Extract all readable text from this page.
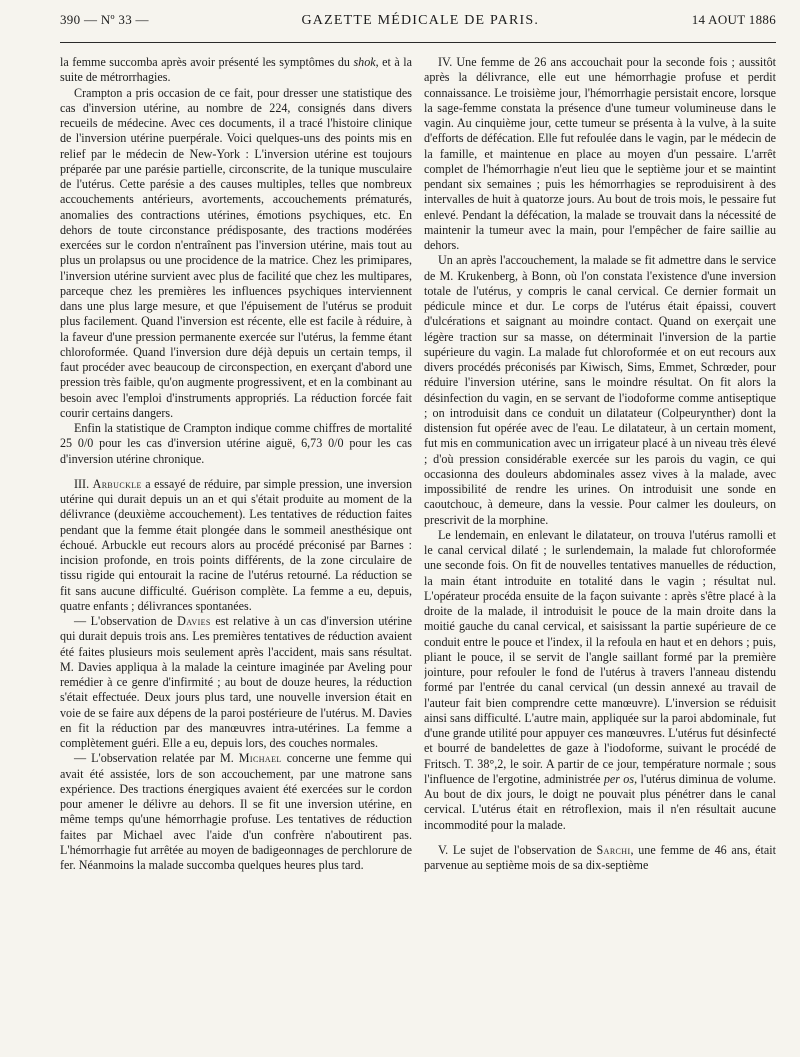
390 — Nº 33 —	GAZETTE MÉDICALE DE PARIS.	14 AOUT 1886

la femme succomba après avoir présenté les symptômes du shok, et à la suite de métrorrhagies.

Crampton a pris occasion de ce fait, pour dresser une statistique des cas d'inversion utérine, au nombre de 224, consignés dans divers recueils de médecine. Avec ces documents, il a tracé l'histoire clinique de l'inversion utérine puerpérale. Voici quelques-uns des points mis en relief par le médecin de New-York : L'inversion utérine est toujours préparée par une parésie partielle, circonscrite, de la tunique musculaire de l'utérus. Cette parésie a des causes multiples, telles que nombreux accouchements antérieurs, avortements, accouchements prématurés, anomalies des contractions utérines, émotions psychiques, etc. En dehors de toute circonstance prédisposante, des tractions modérées exercées sur le cordon n'entraînent pas l'inversion utérine, mais tout au plus un prolapsus ou une procidence de la matrice. Chez les primipares, l'inversion utérine survient avec plus de facilité que chez les multipares, parceque chez les premières les influences psychiques interviennent dans une plus large mesure, et que l'épuisement de l'utérus se produit plus facilement. Quand l'inversion est récente, elle est facile à réduire, à la faveur d'une pression permanente exercée sur l'utérus, la femme étant chloroformée. Quand l'inversion dure déjà depuis un certain temps, il faut procéder avec beaucoup de circonspection, en exerçant d'abord une pression très faible, qu'on augmente progressivent, et en la combinant au besoin avec l'emploi d'instruments appropriés. La réduction forcée fait courir certains dangers.

Enfin la statistique de Crampton indique comme chiffres de mortalité 25 0/0 pour les cas d'inversion utérine aiguë, 6,73 0/0 pour les cas d'inversion utérine chronique.

III. Arbuckle a essayé de réduire, par simple pression, une inversion utérine qui durait depuis un an et qui s'était produite au moment de la délivrance (deuxième accouchement). Les tentatives de réduction faites pendant que la femme était plongée dans le sommeil anesthésique ont échoué. Arbuckle eut recours alors au procédé préconisé par Barnes : incision profonde, en trois points différents, de la zone circulaire de tissu rigide qui entourait la racine de l'utérus retourné. La réduction se fit sans aucune difficulté. Guérison complète. La femme a eu, depuis, quatre enfants ; délivrances spontanées.

— L'observation de Davies est relative à un cas d'inversion utérine qui durait depuis trois ans. Les premières tentatives de réduction avaient été faites plusieurs mois seulement après l'accident, mais sans résultat. M. Davies appliqua à la malade la ceinture imaginée par Aveling pour remédier à ce genre d'infirmité ; au bout de douze heures, la réduction s'était effectuée. Deux jours plus tard, une nouvelle inversion était en voie de se faire aux dépens de la paroi postérieure de l'utérus. M. Davies en fit la réduction par des manœuvres intra-utérines. La femme a complètement guéri. Elle a eu, depuis lors, des couches normales.

— L'observation relatée par M. Michael concerne une femme qui avait été assistée, lors de son accouchement, par une matrone sans expérience. Des tractions énergiques avaient été exercées sur le cordon pour amener le délivre au dehors. Il se fit une inversion utérine, en même temps qu'une hémorrhagie profuse. Les tentatives de réduction faites par Michael avec l'aide d'un confrère n'aboutirent pas. L'hémorrhagie fut arrêtée au moyen de badigeonnages de perchlorure de fer. Néanmoins la malade succomba quelques heures plus tard.

IV. Une femme de 26 ans accouchait pour la seconde fois ; aussitôt après la délivrance, elle eut une hémorrhagie profuse et perdit connaissance. Le troisième jour, l'hémorrhagie persistait encore, lorsque la sage-femme constata la présence d'une tumeur volumineuse dans le vagin. Au cinquième jour, cette tumeur se présenta à la vulve, à la suite d'efforts de défécation. Elle fut refoulée dans le vagin, par le médecin de la famille, et maintenue en place au moyen d'un pessaire. L'arrêt complet de l'hémorrhagie n'eut lieu que le septième jour et se maintint pendant six semaines ; puis les hémorrhagies se reproduisirent à des intervalles de huit à quatorze jours. Au bout de trois mois, le pessaire fut enlevé. Pendant la défécation, la malade se trouvait dans la nécessité de maintenir la tumeur avec la main, pour l'empêcher de faire saillie au dehors.

Un an après l'accouchement, la malade se fit admettre dans le service de M. Krukenberg, à Bonn, où l'on constata l'existence d'une inversion totale de l'utérus, y compris le canal cervical. Ce dernier formait un pédicule mince et dur. Le corps de l'utérus était épaissi, couvert d'ulcérations et saignant au moindre contact. Quand on exerçait une légère traction sur sa masse, on déterminait l'inversion de la partie supérieure du vagin. La malade fut chloroformée et on eut recours aux divers procédés préconisés par Kiwisch, Sims, Emmet, Schrœder, pour réduire l'inversion utérine, sans le moindre résultat. On fit alors la désinfection du vagin, en se servant de l'iodoforme comme antiseptique ; on introduisit dans ce conduit un dilatateur (Colpeurynther) dont la distension fut opérée avec de l'eau. Le dilatateur, à un certain moment, fut mis en communication avec un irrigateur placé à un niveau très élevé ; d'où pression considérable exercée sur les parois du vagin, ce qui occasionna des douleurs abdominales assez vives à la malade, avec impossibilité de rendre les urines. On introduisit une sonde en caoutchouc, à demeure, dans la vessie. Pour calmer les douleurs, on prescrivit de la morphine.

Le lendemain, en enlevant le dilatateur, on trouva l'utérus ramolli et le canal cervical dilaté ; le surlendemain, la malade fut chloroformée une seconde fois. On fit de nouvelles tentatives manuelles de réduction, la main étant introduite en totalité dans le vagin ; résultat nul. L'opérateur procéda ensuite de la façon suivante : après s'être placé à la droite de la malade, il introduisit le pouce de la main droite dans la moitié gauche du canal cervical, et saisissant la partie supérieure de ce conduit entre le pouce et l'index, il la refoula en haut et en dehors ; puis, pliant le pouce, il se servit de l'angle saillant formé par la première jointure, pour refouler le fond de l'utérus à travers l'anneau distendu formé par l'entrée du canal cervical (un dessin annexé au travail de l'auteur fait bien comprendre cette manœuvre). L'inversion se réduisit ainsi sans difficulté. L'autre main, appliquée sur la paroi abdominale, fut d'une grande utilité pour appuyer ces manœuvres. L'utérus fut désinfecté et bourré de bandelettes de gaze à l'iodoforme, suivant le procédé de Fritsch. T. 38°,2, le soir. A partir de ce jour, température normale ; sous l'influence de l'ergotine, administrée per os, l'utérus diminua de volume. Au bout de dix jours, le doigt ne pouvait plus pénétrer dans le canal cervical. L'utérus était en rétroflexion, mais il n'en résultait aucune incommodité pour la malade.

V. Le sujet de l'observation de Sarchi, une femme de 46 ans, était parvenue au septième mois de sa dix-septième
